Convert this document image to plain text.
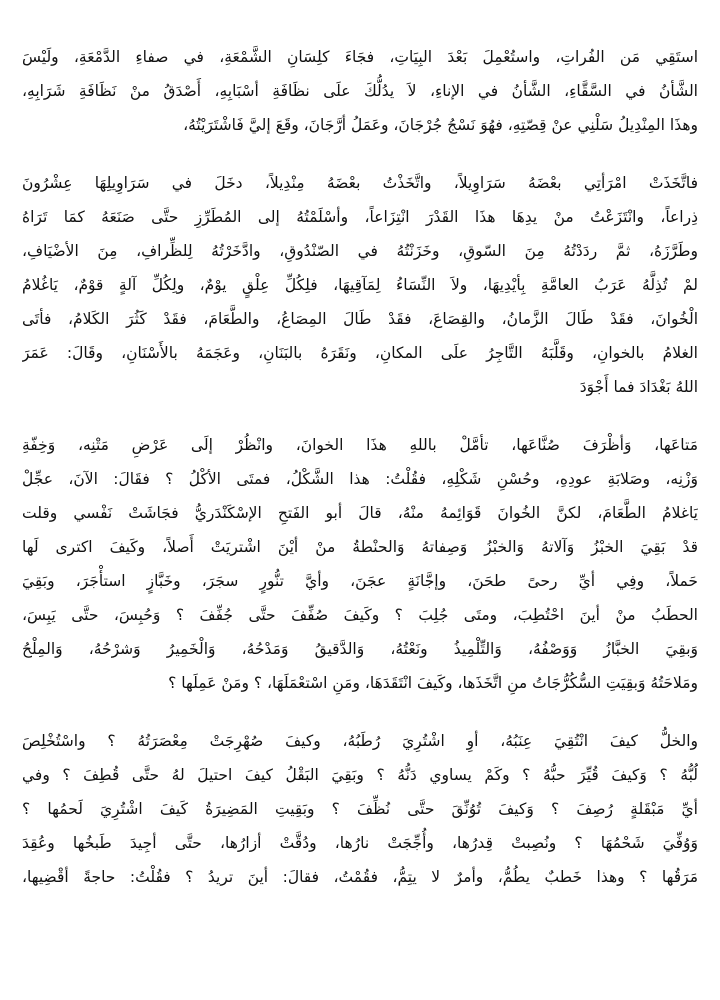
استَقِي مَن الفُراتِ، واستُعْمِلَ بَعْدَ البِيَاتِ، فجَاءَ كلِسَانِ الشَّمْعَةِ، في صفاءِ الدَّمْعَةِ، ولَيْسَ
الشَّأنُ في السَّقَّاءِ، الشَّأنُ في الإناءِ، لاَ يدُلُّكَ علَى نظَافَةِ أسْبَابِهِ، أَصْدَقُ منْ نَظَافَةِ شَرَابِهِ،
وهذَا المِنْدِيلُ سَلْنِي عنْ قِصّتِهِ، فهُوَ نَسْجُ جُرْجَانَ، وعَمَلُ أرَّجَانَ، وقَعَ إليَّ فَاشْتَرَيْتُهُ،
فاتَّخَذَتْ امْرَأتِي بعْضَهُ سَرَاوِيلاً، واتَّخَذْتُ بعْضَهُ مِنْدِيلاً، دخَلَ في سَرَاوِيلِهَا عِشْرُونَ
ذِراعاً، وانْتَزَعْتُ منْ يدِهَا هذَا القَدْرَ انْتِزَاعاً، وأسْلَمْتُهُ إلى المُطَرِّزِ حتَّى صَنَعَهُ كمَا تَرَاهُ
وطَرَّزَهُ، ثمَّ ردَدْتُهُ مِنَ السّوقِ، وخَزَنْتُهُ في الصّنْدُوقِ، وادَّخَرْتُهُ لِلظِّرافِ، مِنَ الأضْيَافِ،
لمْ تُذِلَّهُ عَرَبُ العامَّةِ بِأيْدِيهَا، ولاَ النِّسَاءُ لِمَآقِيهَا، فلِكُلِّ عِلْقٍ يوْمٌ، ولِكُلِّ آلةٍ قوْمٌ، يَاغُلامُ
الْخُوانَ، فقَدْ طَالَ الزَّمانُ، والقِصَاعَ، فقَدْ طَالَ المِصَاعُ، والطَّعَامَ، فقَدْ كَثُرَ الكَلامُ، فأتَى
الغلامُ بالخوانِ، وقَلَّبَهُ التَّاجِرُ علَى المكانِ، ونَقَرَهُ بالبَنَانِ، وعَجَمَهُ بالأَسْنَانِ، وقَالَ: عَمَرَ
اللهُ بَغْدَادَ فما أَجْوَدَ
مَتاعَها، وَأظْرَفَ صُنَّاعَها، تأمَّلْ باللهِ هذَا الخوانَ، وانْظُرْ إلَى عَرْضِ مَتْنِه، وَخِفّةِ
وَزْنِه، وصَلابَةِ عودِهِ، وحُسْنِ شَكْلِهِ، فقُلْتُ: هذا الشَّكْلُ، فمتَى الأكْلُ ؟ فقَالَ: الآنَ، عجِّلْ
يَاغلامُ الطَّعَامَ، لكنَّ الخُوانَ قَوَائِمهُ منْهُ، قالَ أبو الفَتحِ الإسْكَنْدَريُّ فجَاشَتْ نَفْسي وقلت
قدْ بَقِيَ الخبْزُ وَآلاتهُ وَالخبْزُ وَصِفاتهُ وَالحنْطةُ منْ أيْنَ اشْتريَتْ أَصلاً، وكَيفَ اكترى لَها
حَملاً، وفِي أيِّ رحىً طحَنَ، وإجَّانَةٍ عجَنَ، وأيَّ تنُّورٍ سجَرَ، وخَبَّازٍ استأْجَرَ، وبَقِيَ
الحطَبُ منْ أينَ احْتُطِبَ، ومتَى جُلِبَ ؟ وكَيفَ صُفِّفَ حتَّى جُفِّفَ ؟ وَحُبِسَ، حتَّى يَبِسَ،
وَبقِيَ الخبَّازُ وَوَصْفُهُ، وَالتِّلْمِيذُ ونَعْتُهُ، وَالدَّقيقُ وَمَدْحُهُ، وَالْخَمِيرُ وَشرْحُهُ، وَالمِلْحُ
ومَلاحَتُهُ وَبقِيَتِ السُّكُرُّجَاتُ منِ اتَّخَذَها، وكَيفَ انْتَقَدَهَا، ومَنِ اسْتعْمَلَهَا، ؟ ومَنْ عَمِلَها ؟
والخلُّ كيفَ انْتُقِيَ عِنَبُهُ، أوِ اشْتُرِيَ رُطَبُهُ، وكيفَ صُهْرِجَتْ مِعْصَرَتُهُ ؟ واسْتُخْلِصَ
لُبُّهُ ؟ وَكيفَ قُيِّرَ حبُّهُ ؟ وكَمْ يساوي دَنُّهُ ؟ وبَقِيَ البَقْلُ كيفَ احتيلَ لهُ حتَّى قُطِفَ ؟ وفي
أيِّ مَبْقَلةٍ رُصِفَ ؟ وَكيفَ تُوُنِّقَ حتَّى نُظِّفَ ؟ وبَقِيتِ المَضِيرَةُ كَيفَ اشْتُرِيَ لَحمُها ؟
وَوُفِّيَ شَحْمُهَا ؟ ونُصِبتْ قِدرُها، وأُجِّجَتْ نارُها، ودُقَّتْ أزارُها، حتَّى أجِيدَ طَبخُها وعُقِدَ
مَرَقُها ؟ وهذا خَطبٌ يطُمُّ، وأمرٌ لا يتِمُّ، فقُمْتُ، فقالَ: أينَ تريدُ ؟ فقُلْتُ: حاجةً أقْضِيها،
